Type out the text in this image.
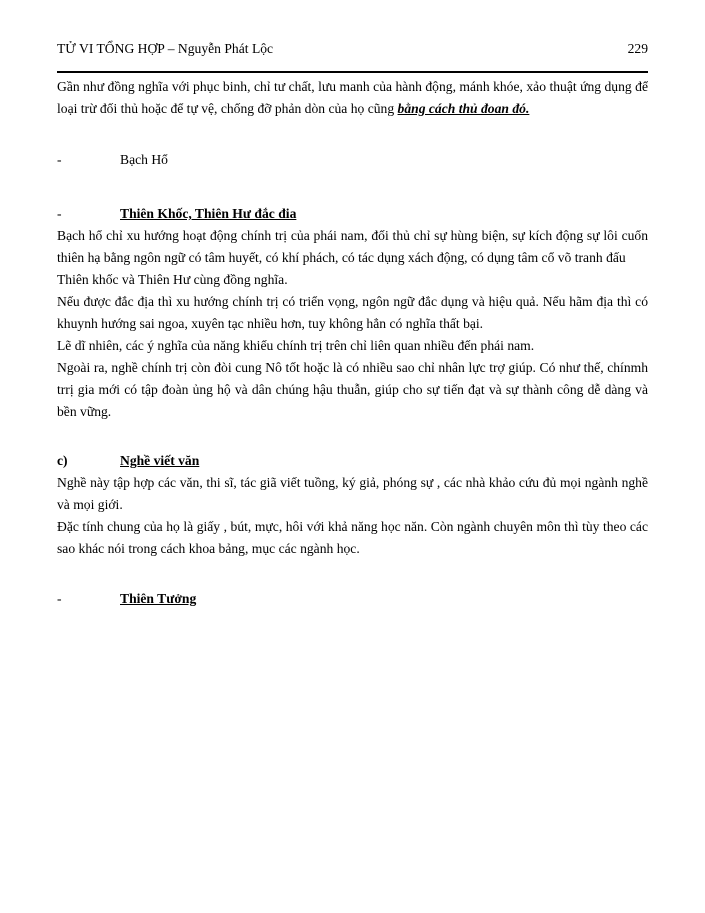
TỬ VI TỔNG HỢP – Nguyễn Phát Lộc	229

Gần như đồng nghĩa với phục binh, chỉ tư chất, lưu manh của hành động, mánh khóe, xảo thuật ứng dụng để loại trừ đối thủ hoặc để tự vệ, chống đỡ phản dòn của họ cũng bằng cách thủ đoan đó.

-	Bạch Hổ
-	Thiên Khốc, Thiên Hư đắc đia

Bạch hổ chỉ xu hướng hoạt động chính trị của phái nam, đối thủ chỉ sự hùng biện, sự kích động sự lôi cuốn thiên hạ bằng ngôn ngữ có tâm huyết, có khí phách, có tác dụng xách động, có dụng tâm cổ võ tranh đấu

Thiên khốc và Thiên Hư cùng đồng nghĩa.

Nếu được đắc địa thì xu hướng chính trị có triển vọng, ngôn ngữ đắc dụng và hiệu quả. Nếu hãm địa thì có khuynh hướng sai ngoa, xuyên tạc nhiều hơn, tuy không hẳn có nghĩa thất bại.

Lẽ dĩ nhiên, các ý nghĩa của năng khiếu chính trị trên chỉ liên quan nhiều đến phái nam.

Ngoài ra, nghề chính trị còn đòi cung Nô tốt hoặc là có nhiều sao chỉ nhân lực trợ giúp. Có như thế, chínmh trrị gia mới có tập đoàn ủng hộ và dân chúng hậu thuẫn, giúp cho sự tiến đạt và sự thành công dễ dàng và bền vững.

c)	Nghề viết văn

Nghề này tập hợp các văn, thi sĩ, tác giã viết tuồng, ký giả, phóng sự , các nhà khảo cứu đủ mọi ngành nghề và mọi giới.

Đặc tính chung của họ là giấy , bút, mực, hôi với khả năng học năn. Còn ngành chuyên môn thì tùy theo các sao khác nói trong cách khoa bảng, mục các ngành học.

-	Thiên Tưởng
